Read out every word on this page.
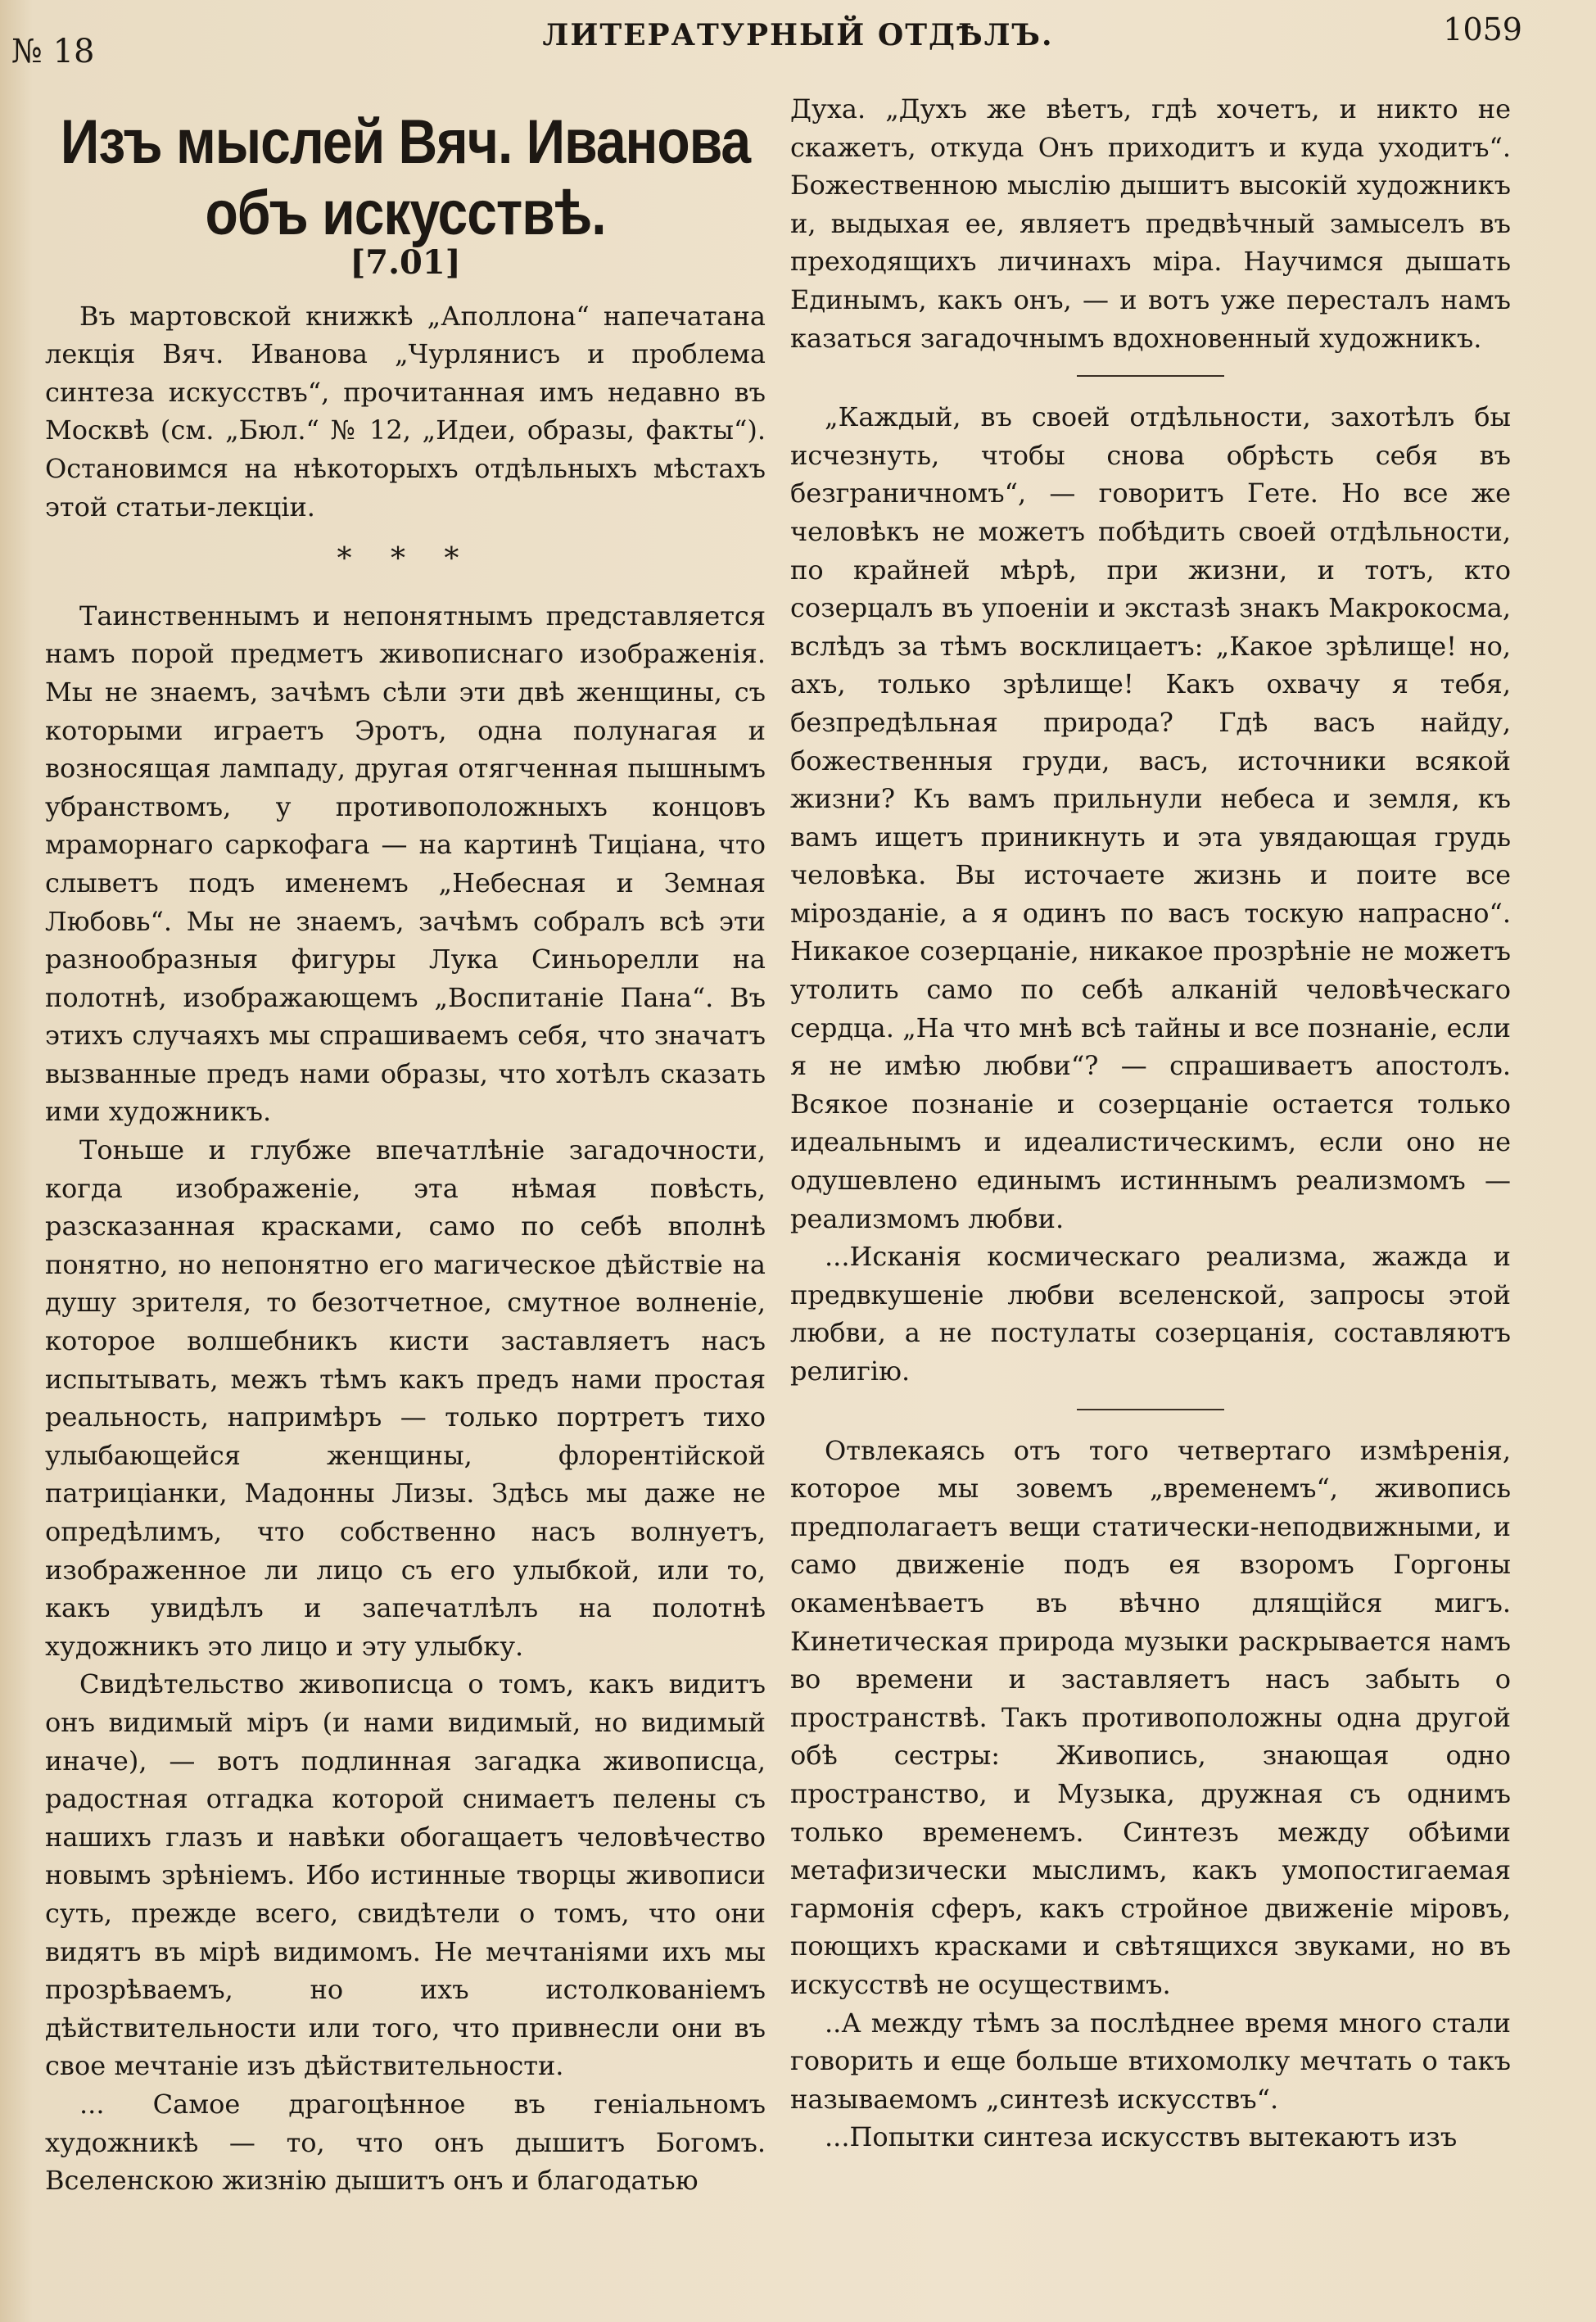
№ 18	ЛИТЕРАТУРНЫЙ ОТДѢЛЪ.	1059
Изъ мыслей Вяч. Иванова объ искусствѣ.
[7.01]

Въ мартовской книжкѣ „Аполлона“ напечатана лекція Вяч. Иванова „Чурлянисъ и проблема синтеза искусствъ“, прочитанная имъ недавно въ Москвѣ (см. „Бюл.“ № 12, „Идеи, образы, факты“). Остановимся на нѣкоторыхъ отдѣльныхъ мѣстахъ этой статьи-лекціи.

* * *

Таинственнымъ и непонятнымъ представляется намъ порой предметъ живописнаго изображенія. Мы не знаемъ, зачѣмъ сѣли эти двѣ женщины, съ которыми играетъ Эротъ, одна полунагая и возносящая лампаду, другая отягченная пышнымъ убранствомъ, у противоположныхъ концовъ мраморнаго саркофага — на картинѣ Тиціана, что слыветъ подъ именемъ „Небесная и Земная Любовь“. Мы не знаемъ, зачѣмъ собралъ всѣ эти разнообразныя фигуры Лука Синьорелли на полотнѣ, изображающемъ „Воспитаніе Пана“. Въ этихъ случаяхъ мы спрашиваемъ себя, что значатъ вызванные предъ нами образы, что хотѣлъ сказать ими художникъ.

Тоньше и глубже впечатлѣніе загадочности, когда изображеніе, эта нѣмая повѣсть, разсказанная красками, само по себѣ вполнѣ понятно, но непонятно его магическое дѣйствіе на душу зрителя, то безотчетное, смутное волненіе, которое волшебникъ кисти заставляетъ насъ испытывать, межъ тѣмъ какъ предъ нами простая реальность, напримѣръ — только портретъ тихо улыбающейся женщины, флорентійской патриціанки, Мадонны Лизы. Здѣсь мы даже не опредѣлимъ, что собственно насъ волнуетъ, изображенное ли лицо съ его улыбкой, или то, какъ увидѣлъ и запечатлѣлъ на полотнѣ художникъ это лицо и эту улыбку.

Свидѣтельство живописца о томъ, какъ видитъ онъ видимый міръ (и нами видимый, но видимый иначе), — вотъ подлинная загадка живописца, радостная отгадка которой снимаетъ пелены съ нашихъ глазъ и навѣки обогащаетъ человѣчество новымъ зрѣніемъ. Ибо истинные творцы живописи суть, прежде всего, свидѣтели о томъ, что они видятъ въ мірѣ видимомъ. Не мечтаніями ихъ мы прозрѣваемъ, но ихъ истолкованіемъ дѣйствительности или того, что привнесли они въ свое мечтаніе изъ дѣйствительности.

... Самое драгоцѣнное въ геніальномъ художникѣ — то, что онъ дышитъ Богомъ. Вселенскою жизнію дышитъ онъ и благодатью

Духа. „Духъ же вѣетъ, гдѣ хочетъ, и никто не скажетъ, откуда Онъ приходитъ и куда уходитъ“. Божественною мыслію дышитъ высокій художникъ и, выдыхая ее, являетъ предвѣчный замыселъ въ преходящихъ личинахъ міра. Научимся дышать Единымъ, какъ онъ, — и вотъ уже пересталъ намъ казаться загадочнымъ вдохновенный художникъ.

„Каждый, въ своей отдѣльности, захотѣлъ бы исчезнуть, чтобы снова обрѣсть себя въ безграничномъ“, — говоритъ Гете. Но все же человѣкъ не можетъ побѣдить своей отдѣльности, по крайней мѣрѣ, при жизни, и тотъ, кто созерцалъ въ упоеніи и экстазѣ знакъ Макрокосма, вслѣдъ за тѣмъ восклицаетъ: „Какое зрѣлище! но, ахъ, только зрѣлище! Какъ охвачу я тебя, безпредѣльная природа? Гдѣ васъ найду, божественныя груди, васъ, источники всякой жизни? Къ вамъ прильнули небеса и земля, къ вамъ ищетъ приникнуть и эта увядающая грудь человѣка. Вы источаете жизнь и поите все мірозданіе, а я одинъ по васъ тоскую напрасно“. Никакое созерцаніе, никакое прозрѣніе не можетъ утолить само по себѣ алканій человѣческаго сердца. „На что мнѣ всѣ тайны и все познаніе, если я не имѣю любви“? — спрашиваетъ апостолъ. Всякое познаніе и созерцаніе остается только идеальнымъ и идеалистическимъ, если оно не одушевлено единымъ истиннымъ реализмомъ — реализмомъ любви.

...Исканія космическаго реализма, жажда и предвкушеніе любви вселенской, запросы этой любви, а не постулаты созерцанія, составляютъ религію.

Отвлекаясь отъ того четвертаго измѣренія, которое мы зовемъ „временемъ“, живопись предполагаетъ вещи статически-неподвижными, и само движеніе подъ ея взоромъ Горгоны окаменѣваетъ въ вѣчно длящійся мигъ. Кинетическая природа музыки раскрывается намъ во времени и заставляетъ насъ забыть о пространствѣ. Такъ противоположны одна другой обѣ сестры: Живопись, знающая одно пространство, и Музыка, дружная съ однимъ только временемъ. Синтезъ между обѣими метафизически мыслимъ, какъ умопостигаемая гармонія сферъ, какъ стройное движеніе міровъ, поющихъ красками и свѣтящихся звуками, но въ искусствѣ не осуществимъ.

..А между тѣмъ за послѣднее время много стали говорить и еще больше втихомолку мечтать о такъ называемомъ „синтезѣ искусствъ“.

...Попытки синтеза искусствъ вытекаютъ изъ
